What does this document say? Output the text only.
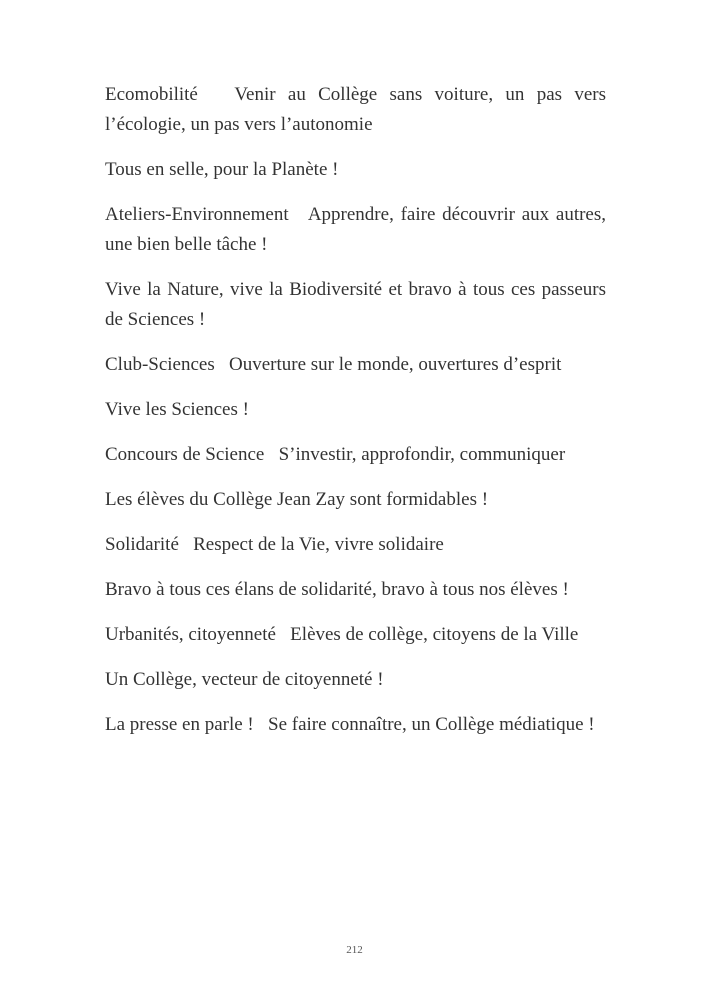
Ecomobilité   Venir au Collège sans voiture, un pas vers l’écologie, un pas vers l’autonomie

Tous en selle, pour la Planète !

Ateliers-Environnement   Apprendre, faire découvrir aux autres, une bien belle tâche !

Vive la Nature, vive la Biodiversité et bravo à tous ces passeurs de Sciences !

Club-Sciences   Ouverture sur le monde, ouvertures d’esprit

Vive les Sciences !

Concours de Science   S’investir, approfondir, communiquer

Les élèves du Collège Jean Zay sont formidables !

Solidarité   Respect de la Vie, vivre solidaire

Bravo à tous ces élans de solidarité, bravo à tous nos élèves !

Urbanités, citoyenneté   Elèves de collège, citoyens de la Ville

Un Collège, vecteur de citoyenneté !

La presse en parle !   Se faire connaître, un Collège médiatique !

212
